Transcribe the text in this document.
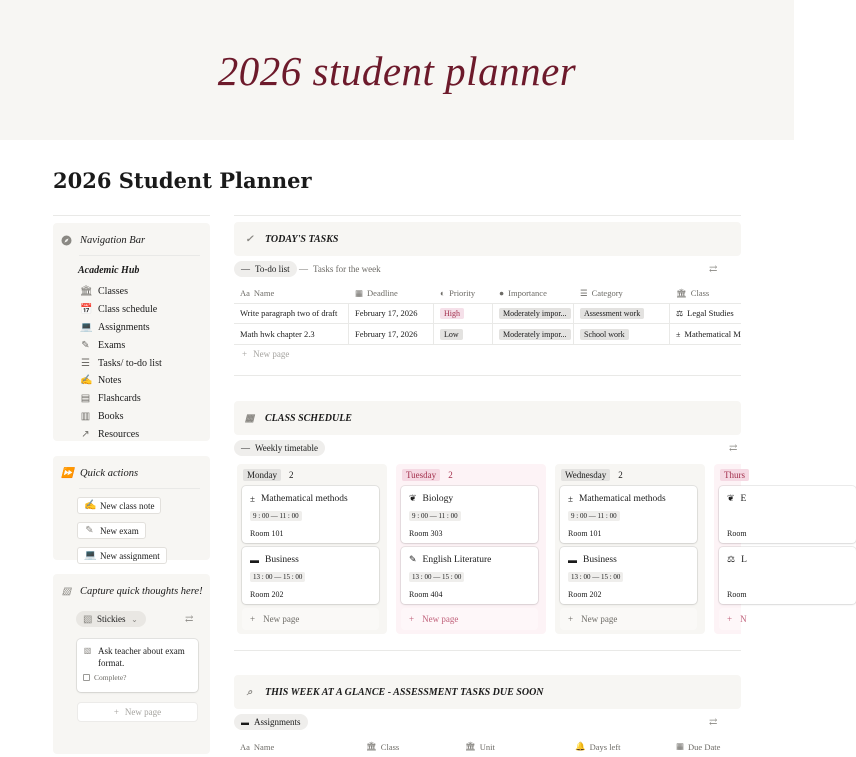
2026 student planner
2026 Student Planner
Navigation Bar
Academic Hub
🏛 Classes
📅 Class schedule
💻 Assignments
✎ Exams
☰ Tasks/ to-do list
✍ Notes
▤ Flashcards
▥ Books
↗ Resources
⏩ Quick actions
✍ New class note

✎ New exam

💻 New assignment
▧ Capture quick thoughts here!
▧ Stickies ⌄	⇄
▧ Ask teacher about exam format.
Complete?
+ New page
✓ TODAY'S TASKS
— To-do list — Tasks for the week	⇄
Aa Name	▦ Deadline	◐ Priority	● Importance	☰ Category	🏛 Class
Write paragraph two of draft	February 17, 2026	High	Moderately impor...	Assessment work	⚖ Legal Studies
Math hwk chapter 2.3	February 17, 2026	Low	Moderately impor...	School work	± Mathematical M
+ New page
▦ CLASS SCHEDULE
— Weekly timetable	⇄
Monday	2
± Mathematical methods
9 : 00 — 11 : 00
Room 101
▬ Business
13 : 00 — 15 : 00
Room 202
+ New page
Tuesday	2
❦ Biology
9 : 00 — 11 : 00
Room 303
✎ English Literature
13 : 00 — 15 : 00
Room 404
+ New page
Wednesday	2
± Mathematical methods
9 : 00 — 11 : 00
Room 101
▬ Business
13 : 00 — 15 : 00
Room 202
+ New page
Thurs
❦ E
Room
⚖ L
Room
+ N
⌕ THIS WEEK AT A GLANCE - ASSESSMENT TASKS DUE SOON
▬ Assignments	⇄
Aa Name	🏛 Class	🏛 Unit	🔔 Days left	▦ Due Date
